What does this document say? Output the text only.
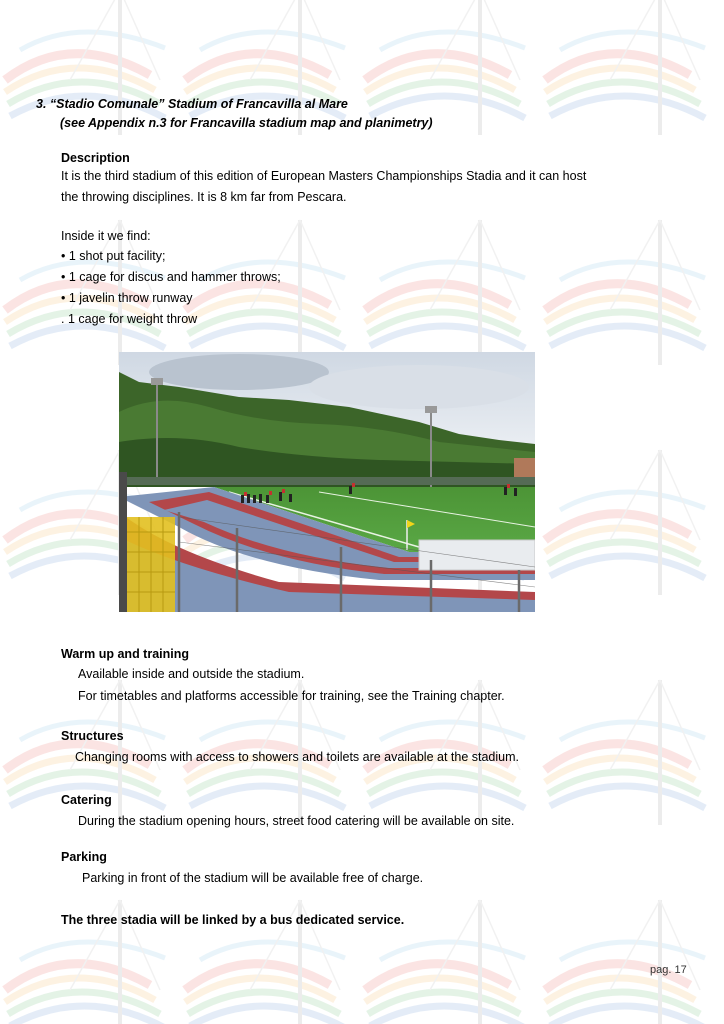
3. “Stadio Comunale” Stadium of Francavilla al Mare
(see Appendix n.3 for Francavilla stadium map and planimetry)
Description
It is the third stadium of this edition of European Masters Championships Stadia and it can host
the throwing disciplines. It is 8 km far from Pescara.
Inside it we find:
• 1 shot put facility;
• 1 cage for discus and hammer throws;
• 1 javelin throw runway
. 1 cage for weight throw
Warm up and training
Available inside and outside the stadium.
For timetables and platforms accessible for training, see the Training chapter.
Structures
Changing rooms with access to showers and toilets are available at the stadium.
Catering
During the stadium opening hours, street food catering will be available on site.
Parking
Parking in front of the stadium will be available free of charge.
The three stadia will be linked by a bus dedicated service.
pag. 17
